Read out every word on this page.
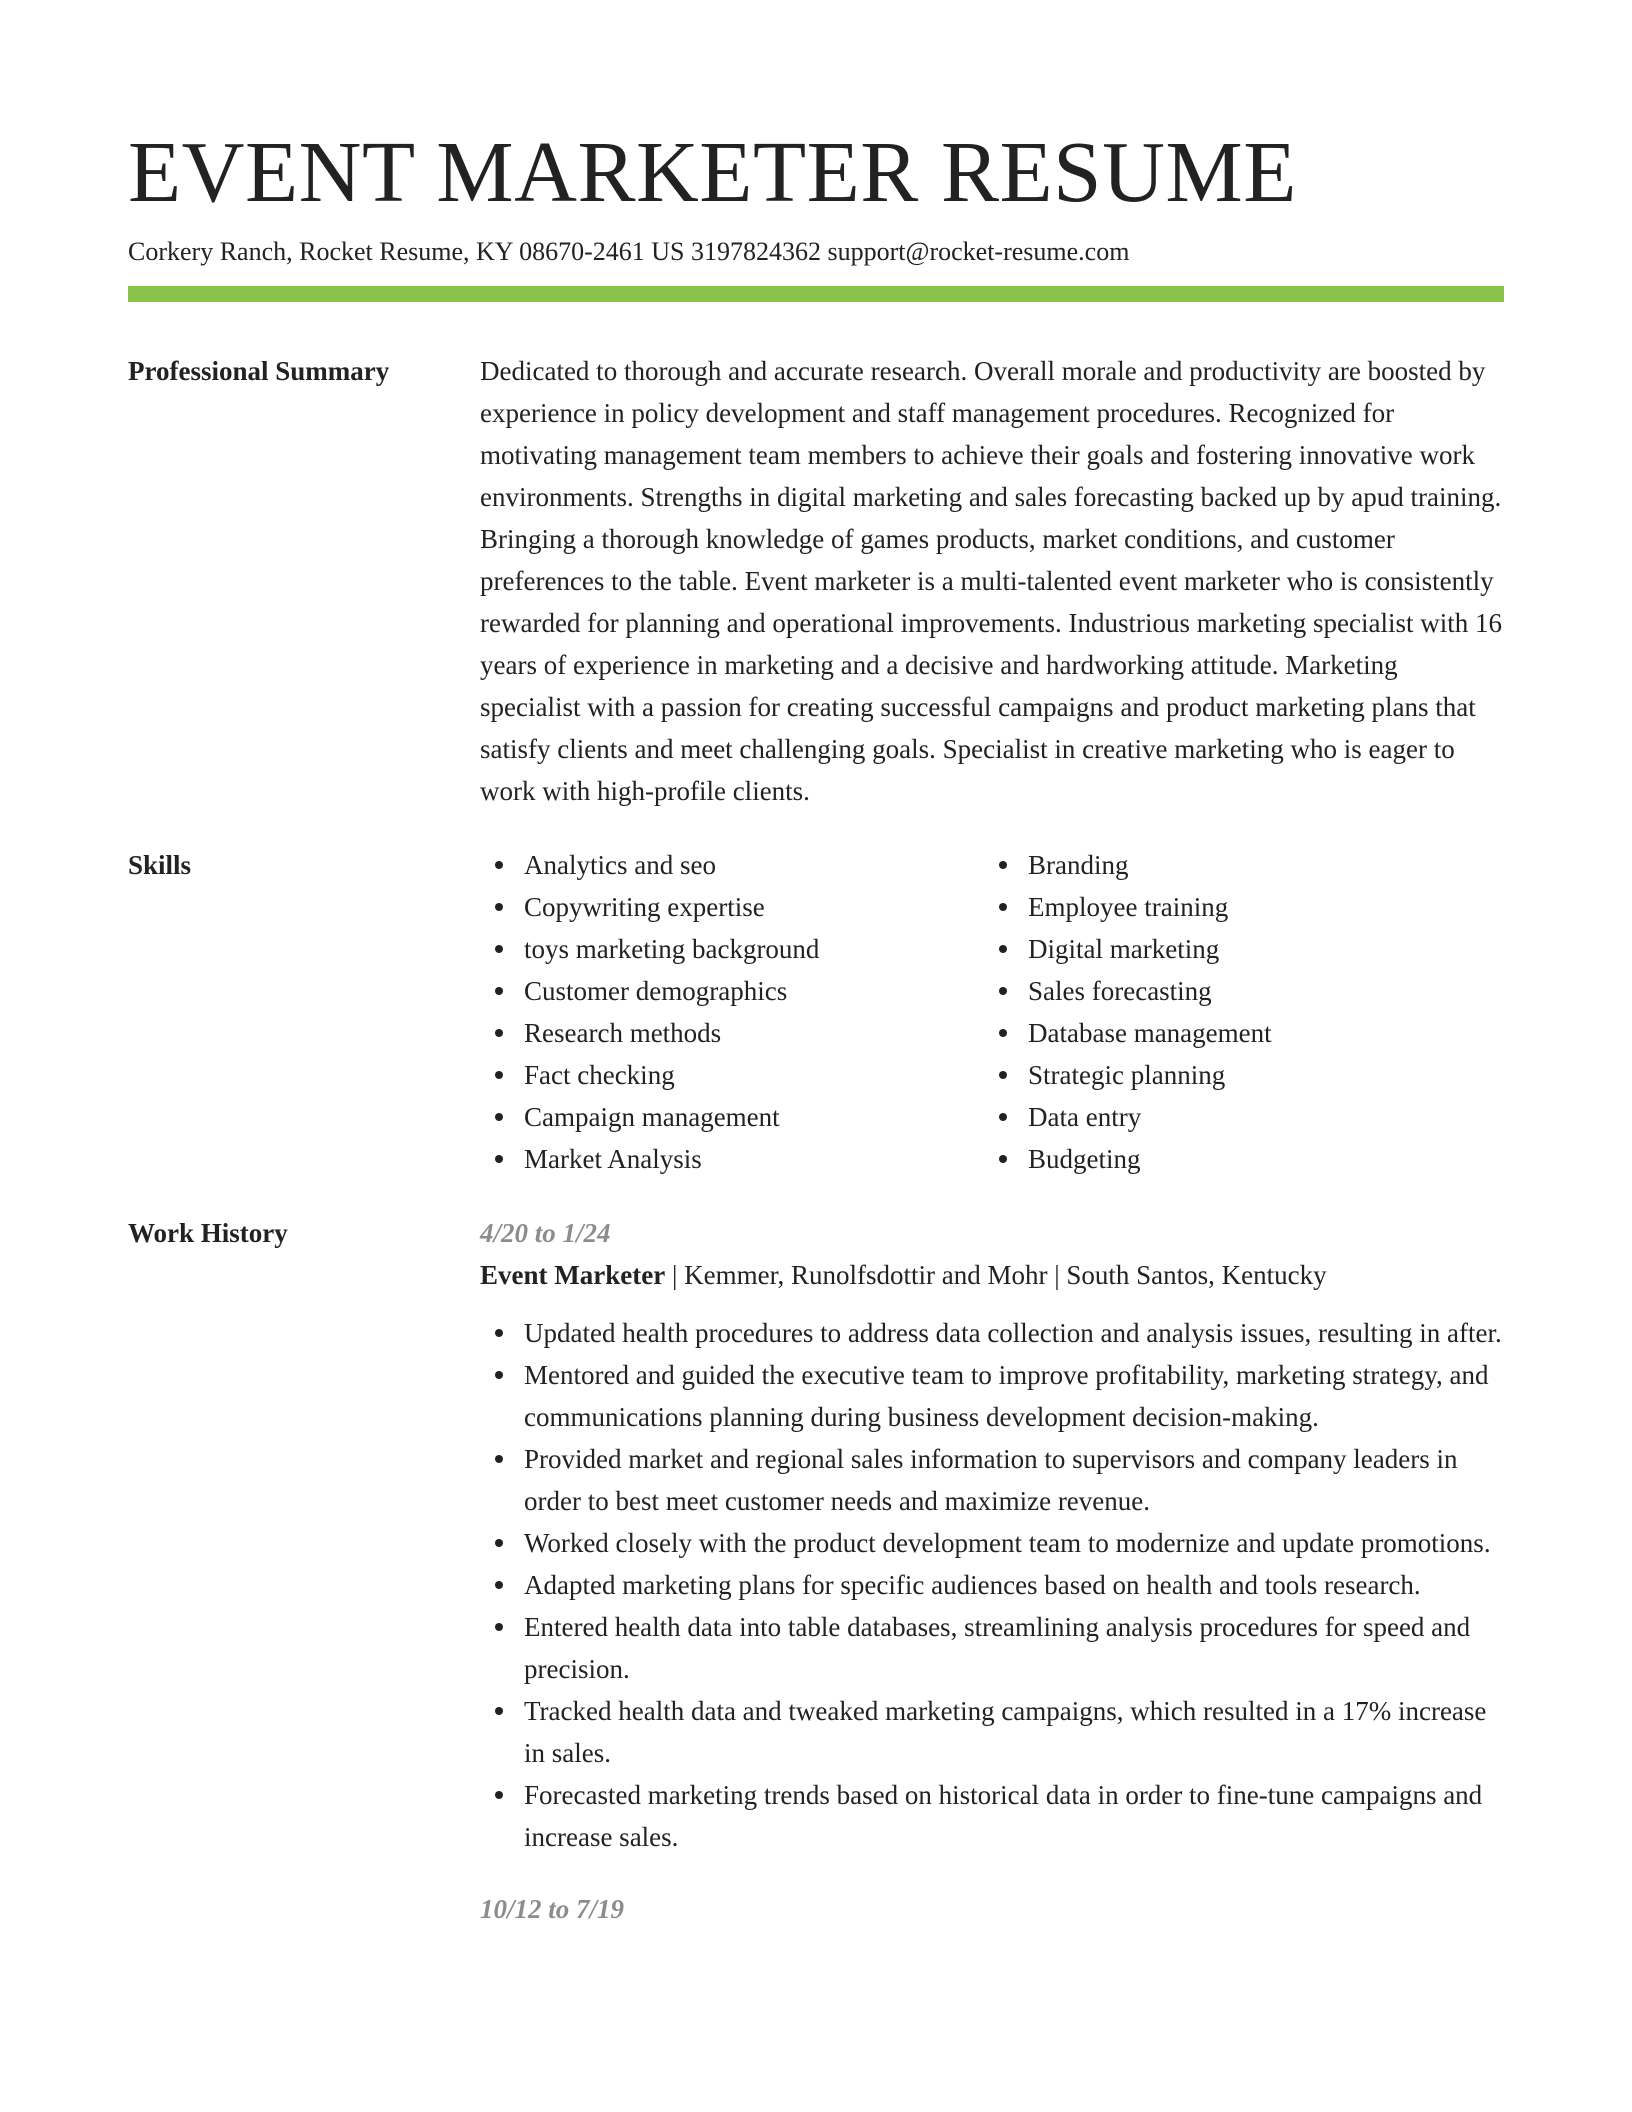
EVENT MARKETER RESUME
Corkery Ranch, Rocket Resume, KY 08670-2461 US 3197824362 support@rocket-resume.com
Professional Summary	Dedicated to thorough and accurate research. Overall morale and productivity are boosted by experience in policy development and staff management procedures. Recognized for motivating management team members to achieve their goals and fostering innovative work environments. Strengths in digital marketing and sales forecasting backed up by apud training. Bringing a thorough knowledge of games products, market conditions, and customer preferences to the table. Event marketer is a multi-talented event marketer who is consistently rewarded for planning and operational improvements. Industrious marketing specialist with 16 years of experience in marketing and a decisive and hardworking attitude. Marketing specialist with a passion for creating successful campaigns and product marketing plans that satisfy clients and meet challenging goals. Specialist in creative marketing who is eager to work with high-profile clients.
Skills	Analytics and seo
Copywriting expertise
toys marketing background
Customer demographics
Research methods
Fact checking
Campaign management
Market Analysis
Branding
Employee training
Digital marketing
Sales forecasting
Database management
Strategic planning
Data entry
Budgeting
Work History	4/20 to 1/24
Event Marketer | Kemmer, Runolfsdottir and Mohr | South Santos, Kentucky
Updated health procedures to address data collection and analysis issues, resulting in after.
Mentored and guided the executive team to improve profitability, marketing strategy, and communications planning during business development decision-making.
Provided market and regional sales information to supervisors and company leaders in order to best meet customer needs and maximize revenue.
Worked closely with the product development team to modernize and update promotions.
Adapted marketing plans for specific audiences based on health and tools research.
Entered health data into table databases, streamlining analysis procedures for speed and precision.
Tracked health data and tweaked marketing campaigns, which resulted in a 17% increase in sales.
Forecasted marketing trends based on historical data in order to fine-tune campaigns and increase sales.
10/12 to 7/19
